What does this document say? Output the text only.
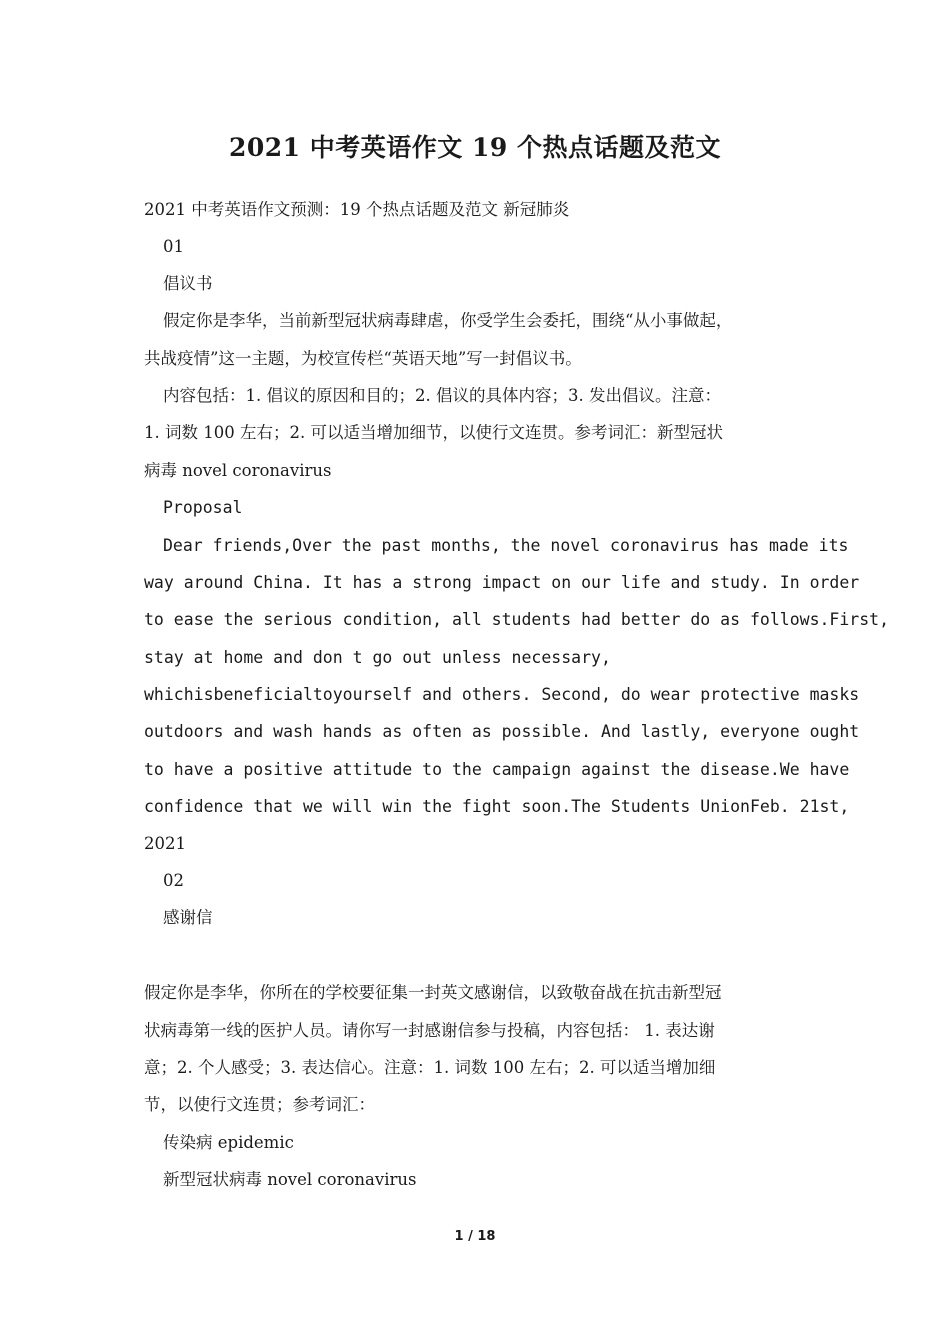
2021 中考英语作文 19 个热点话题及范文
2021 中考英语作文预测：19 个热点话题及范文 新冠肺炎
01
倡议书
假定你是李华，当前新型冠状病毒肆虐，你受学生会委托，围绕“从小事做起，
共战疫情”这一主题，为校宣传栏“英语天地”写一封倡议书。
内容包括：1. 倡议的原因和目的；2. 倡议的具体内容；3. 发出倡议。注意：
1. 词数 100 左右；2. 可以适当增加细节，以使行文连贯。参考词汇：新型冠状
病毒 novel coronavirus
Proposal
Dear friends,Over the past months, the novel coronavirus has made its
way around China. It has a strong impact on our life and study. In order
to ease the serious condition, all students had better do as follows.First,
stay at home and don t go out unless necessary,
whichisbeneficialtoyourself and others. Second, do wear protective masks
outdoors and wash hands as often as possible. And lastly, everyone ought
to have a positive attitude to the campaign against the disease.We have
confidence that we will win the fight soon.The Students UnionFeb. 21st,
2021
02
感谢信
假定你是李华，你所在的学校要征集一封英文感谢信，以致敬奋战在抗击新型冠
状病毒第一线的医护人员。请你写一封感谢信参与投稿，内容包括： 1. 表达谢
意；2. 个人感受；3. 表达信心。注意：1. 词数 100 左右；2. 可以适当增加细
节，以使行文连贯；参考词汇：
传染病 epidemic
新型冠状病毒 novel coronavirus
1 / 18
